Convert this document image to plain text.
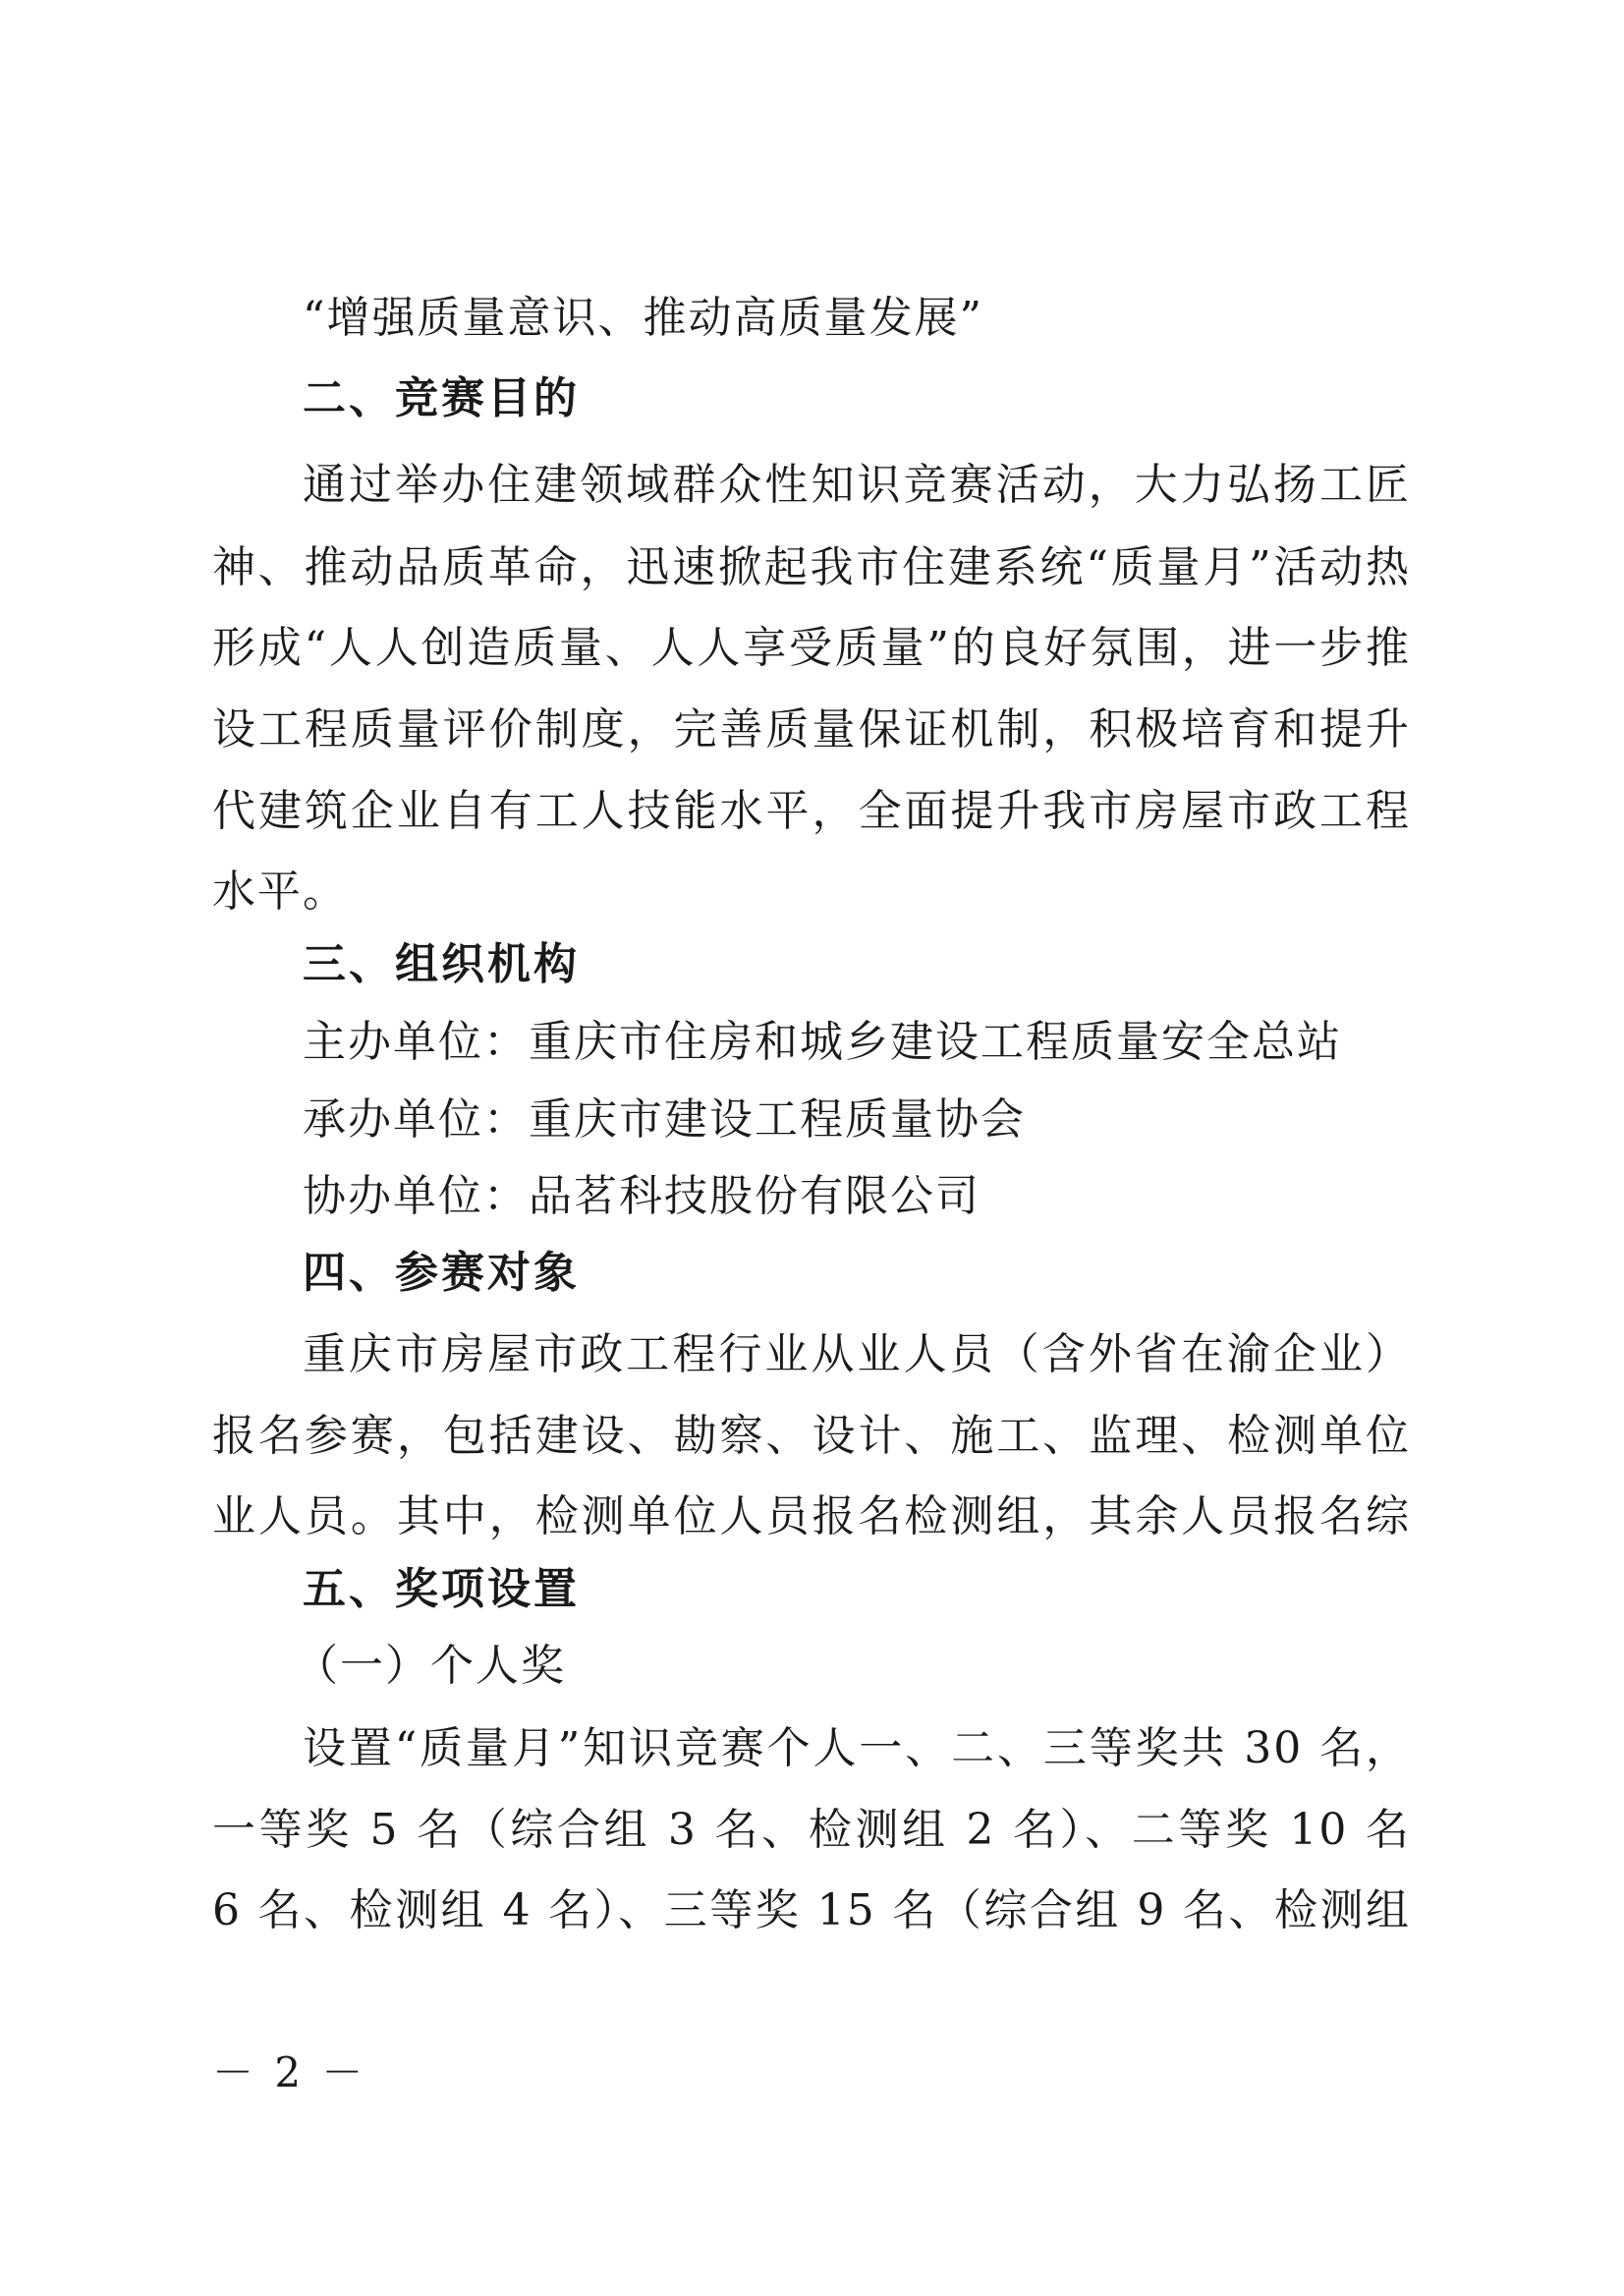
“增强质量意识、推动高质量发展”
二、竞赛目的
通过举办住建领域群众性知识竞赛活动，大力弘扬工匠
神、推动品质革命，迅速掀起我市住建系统“质量月”活动热
形成“人人创造质量、人人享受质量”的良好氛围，进一步推
设工程质量评价制度，完善质量保证机制，积极培育和提升
代建筑企业自有工人技能水平，全面提升我市房屋市政工程
水平。
三、组织机构
主办单位：重庆市住房和城乡建设工程质量安全总站
承办单位：重庆市建设工程质量协会
协办单位：品茗科技股份有限公司
四、参赛对象
重庆市房屋市政工程行业从业人员（含外省在渝企业）
报名参赛，包括建设、勘察、设计、施工、监理、检测单位
业人员。其中，检测单位人员报名检测组，其余人员报名综
五、奖项设置
（一）个人奖
设置“质量月”知识竞赛个人一、二、三等奖共 30 名，
一等奖 5 名（综合组 3 名、检测组 2 名）、二等奖 10 名
6 名、检测组 4 名）、三等奖 15 名（综合组 9 名、检测组
－ 2 －
